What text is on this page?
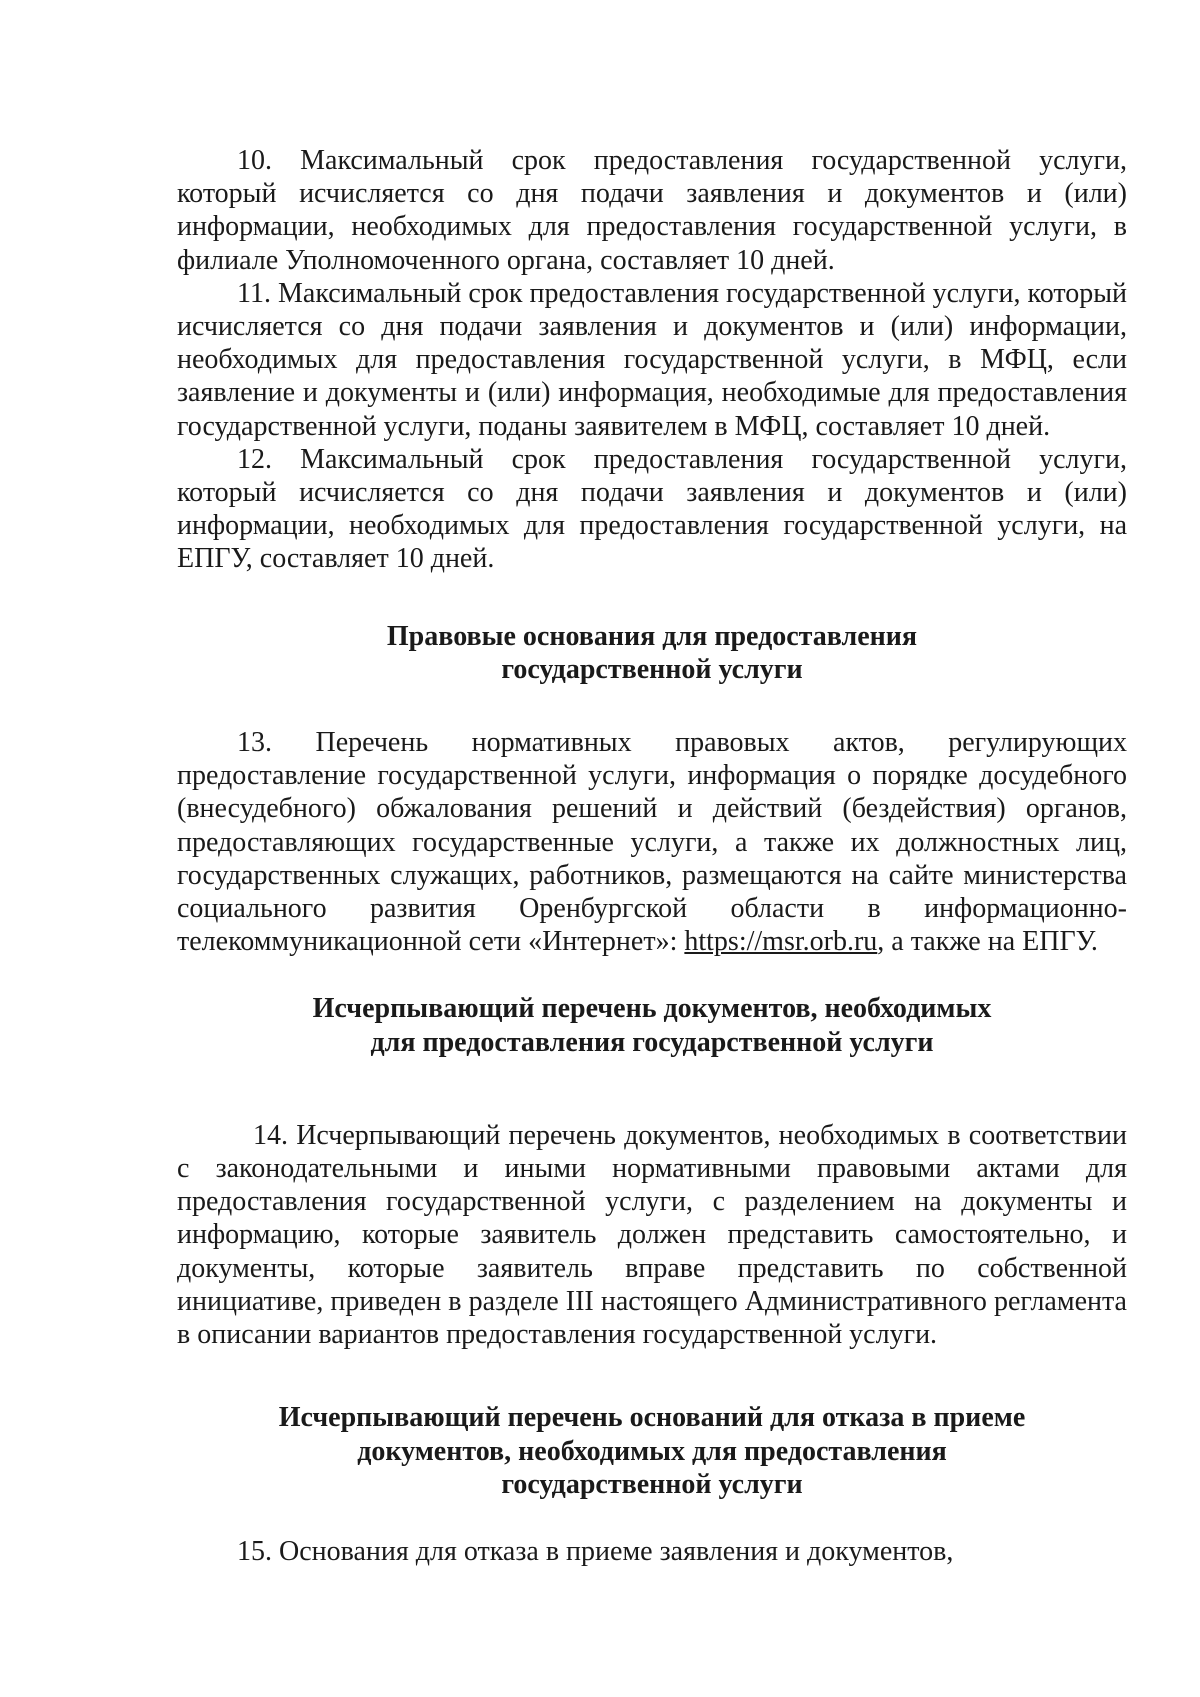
10. Максимальный срок предоставления государственной услуги, который исчисляется со дня подачи заявления и документов и (или) информации, необходимых для предоставления государственной услуги, в филиале Уполномоченного органа, составляет 10 дней.

11. Максимальный срок предоставления государственной услуги, который исчисляется со дня подачи заявления и документов и (или) информации, необходимых для предоставления государственной услуги, в МФЦ, если заявление и документы и (или) информация, необходимые для предоставления государственной услуги, поданы заявителем в МФЦ, составляет 10 дней.

12. Максимальный срок предоставления государственной услуги, который исчисляется со дня подачи заявления и документов и (или) информации, необходимых для предоставления государственной услуги, на ЕПГУ, составляет 10 дней.

Правовые основания для предоставления
государственной услуги

13. Перечень нормативных правовых актов, регулирующих предоставление государственной услуги, информация о порядке досудебного (внесудебного) обжалования решений и действий (бездействия) органов, предоставляющих государственные услуги, а также их должностных лиц, государственных служащих, работников, размещаются на сайте министерства социального развития Оренбургской области в информационно-телекоммуникационной сети «Интернет»: https://msr.orb.ru, а также на ЕПГУ.

Исчерпывающий перечень документов, необходимых
для предоставления государственной услуги

14. Исчерпывающий перечень документов, необходимых в соответствии с законодательными и иными нормативными правовыми актами для предоставления государственной услуги, с разделением на документы и информацию, которые заявитель должен представить самостоятельно, и документы, которые заявитель вправе представить по собственной инициативе, приведен в разделе III настоящего Административного регламента в описании вариантов предоставления государственной услуги.

Исчерпывающий перечень оснований для отказа в приеме
документов, необходимых для предоставления
государственной услуги

15. Основания для отказа в приеме заявления и документов,
